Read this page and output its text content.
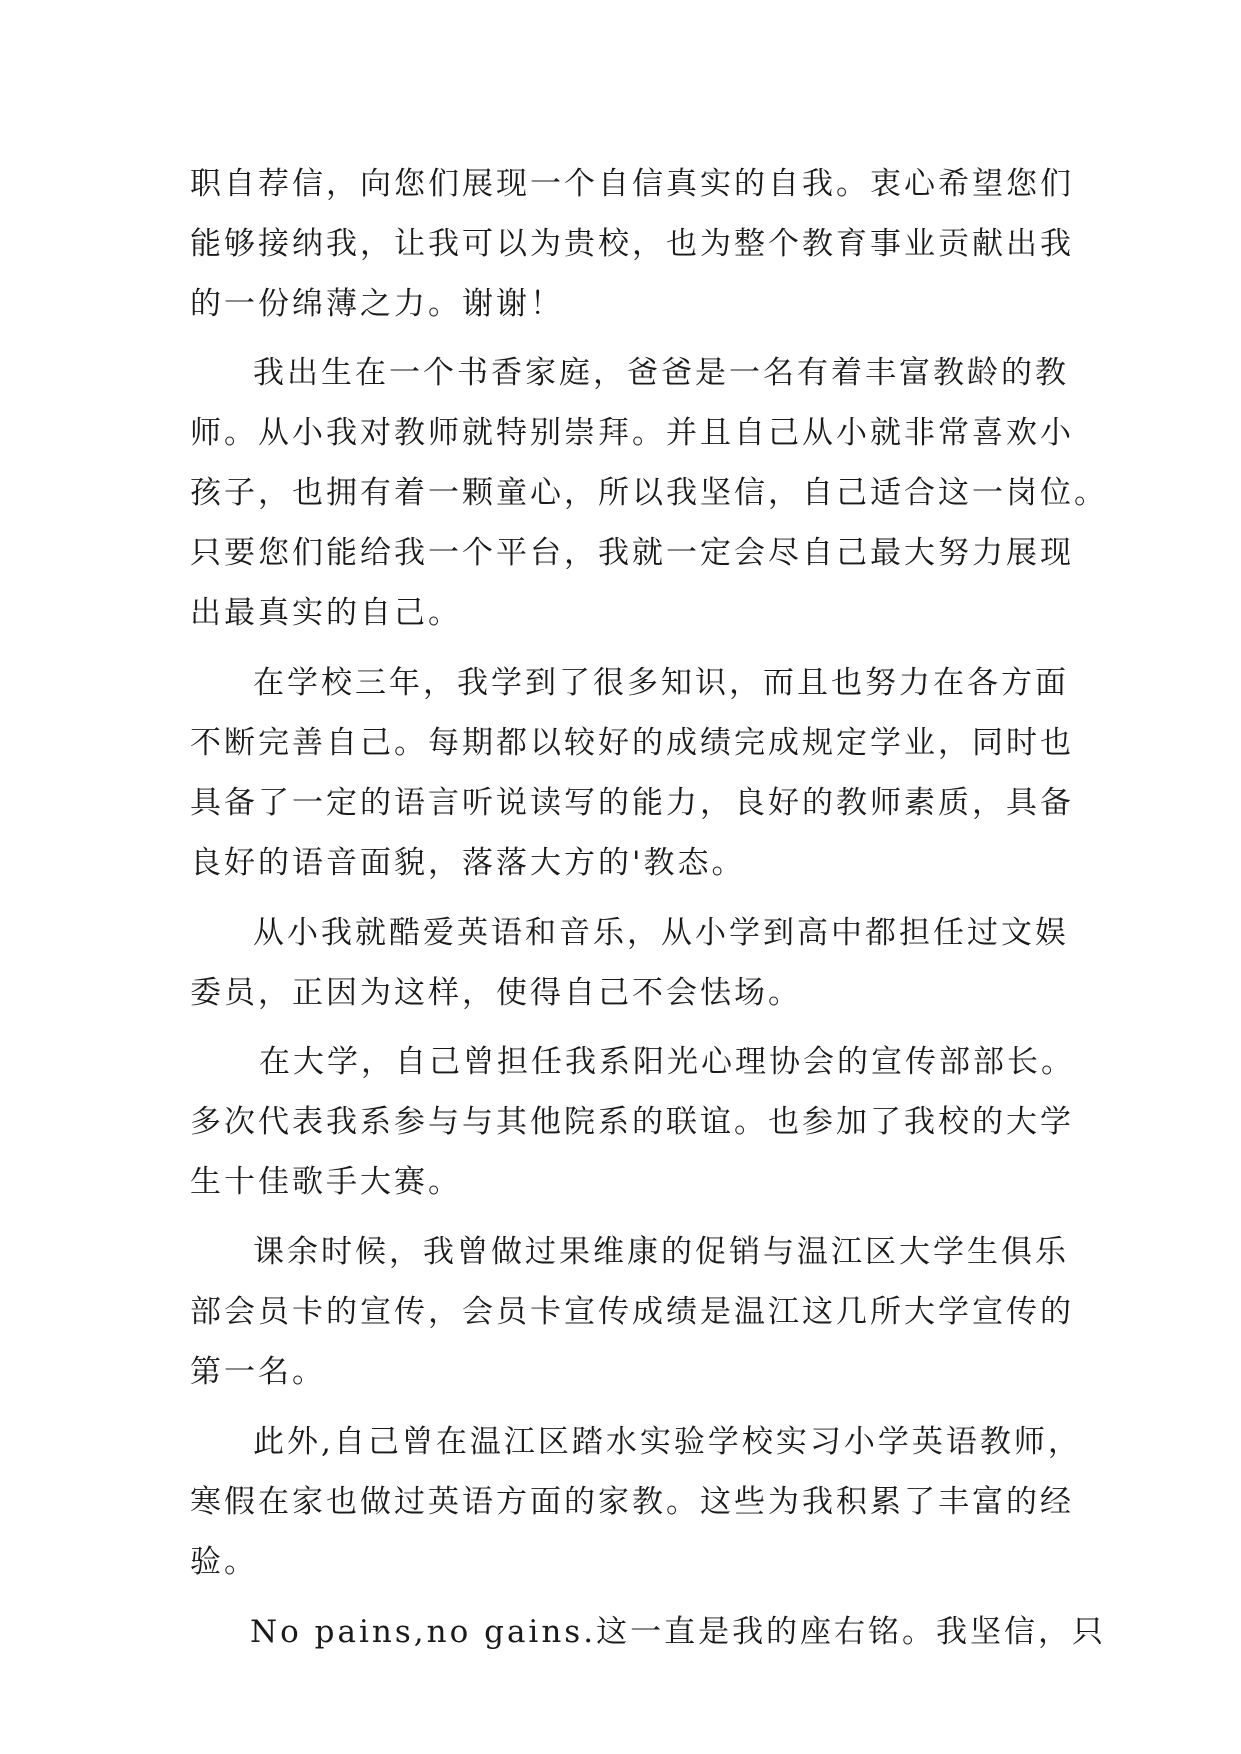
职自荐信，向您们展现一个自信真实的自我。衷心希望您们
能够接纳我，让我可以为贵校，也为整个教育事业贡献出我
的一份绵薄之力。谢谢！
我出生在一个书香家庭，爸爸是一名有着丰富教龄的教
师。从小我对教师就特别崇拜。并且自己从小就非常喜欢小
孩子，也拥有着一颗童心，所以我坚信，自己适合这一岗位。
只要您们能给我一个平台，我就一定会尽自己最大努力展现
出最真实的自己。
在学校三年，我学到了很多知识，而且也努力在各方面
不断完善自己。每期都以较好的成绩完成规定学业，同时也
具备了一定的语言听说读写的能力，良好的教师素质，具备
良好的语音面貌，落落大方的'教态。
从小我就酷爱英语和音乐，从小学到高中都担任过文娱
委员，正因为这样，使得自己不会怯场。
在大学，自己曾担任我系阳光心理协会的宣传部部长。
多次代表我系参与与其他院系的联谊。也参加了我校的大学
生十佳歌手大赛。
课余时候，我曾做过果维康的促销与温江区大学生俱乐
部会员卡的宣传，会员卡宣传成绩是温江这几所大学宣传的
第一名。
此外,自己曾在温江区踏水实验学校实习小学英语教师，
寒假在家也做过英语方面的家教。这些为我积累了丰富的经
验。
No pains,no gains.这一直是我的座右铭。我坚信，只
